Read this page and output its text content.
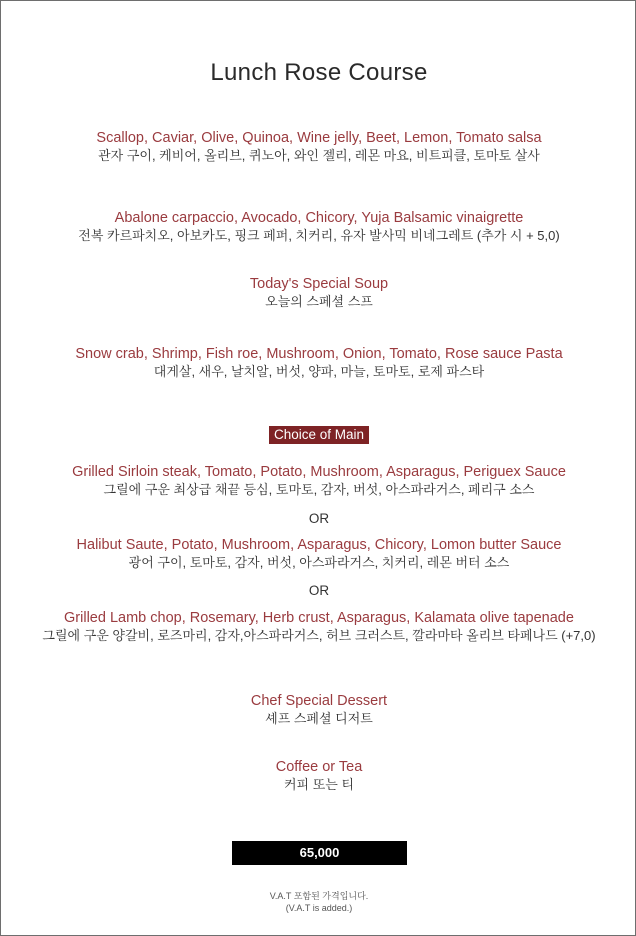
Lunch Rose Course
Scallop, Caviar, Olive, Quinoa, Wine jelly, Beet, Lemon, Tomato salsa
관자 구이, 케비어, 올리브, 퀴노아, 와인 젤리, 레몬 마요, 비트피클, 토마토 살사
Abalone carpaccio, Avocado, Chicory, Yuja Balsamic vinaigrette
전복 카르파치오, 아보카도, 핑크 페퍼, 치커리, 유자 발사믹 비네그레트 (추가 시 + 5,0)
Today's Special Soup
오늘의 스페셜 스프
Snow crab, Shrimp, Fish roe, Mushroom, Onion, Tomato, Rose sauce Pasta
대게살, 새우, 날치알, 버섯, 양파, 마늘, 토마토, 로제 파스타
Choice of Main
Grilled Sirloin steak, Tomato, Potato, Mushroom, Asparagus, Periguex Sauce
그릴에 구운 최상급 채끝 등심, 토마토, 감자, 버섯, 아스파라거스, 페리구 소스
OR
Halibut Saute, Potato, Mushroom, Asparagus, Chicory, Lomon butter Sauce
광어 구이, 토마토, 감자, 버섯, 아스파라거스, 치커리, 레몬 버터 소스
OR
Grilled Lamb chop, Rosemary, Herb crust, Asparagus, Kalamata olive tapenade
그릴에 구운 양갈비, 로즈마리, 감자,아스파라거스, 허브 크러스트, 깔라마타 올리브 타페나드 (+7,0)
Chef Special Dessert
셰프 스페셜 디저트
Coffee or Tea
커피 또는 티
65,000
V.A.T 포함된 가격입니다.
(V.A.T is added.)
